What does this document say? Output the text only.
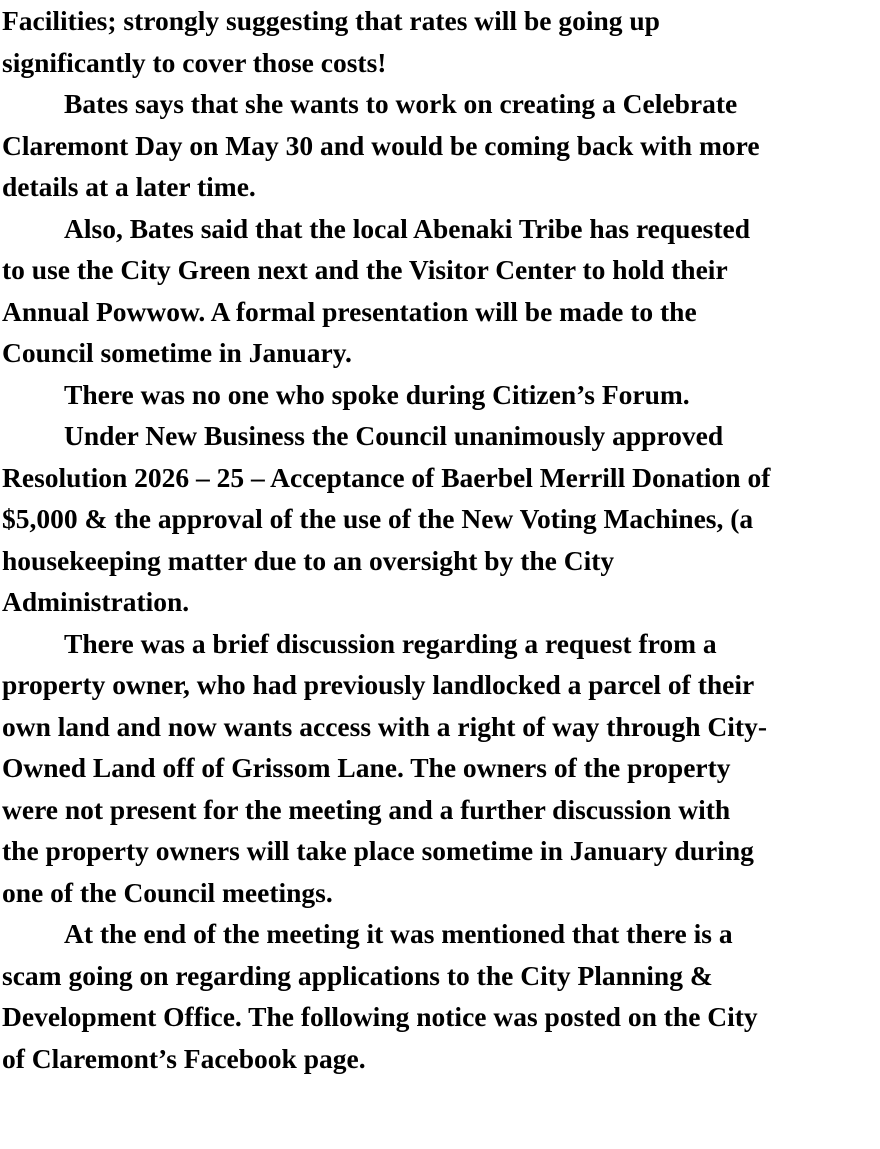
Facilities; strongly suggesting that rates will be going up
significantly to cover those costs!

Bates says that she wants to work on creating a Celebrate
Claremont Day on May 30 and would be coming back with more
details at a later time.

Also, Bates said that the local Abenaki Tribe has requested
to use the City Green next and the Visitor Center to hold their
Annual Powwow. A formal presentation will be made to the
Council sometime in January.

There was no one who spoke during Citizen’s Forum.

Under New Business the Council unanimously approved
Resolution 2026 – 25 – Acceptance of Baerbel Merrill Donation of
$5,000 & the approval of the use of the New Voting Machines, (a
housekeeping matter due to an oversight by the City
Administration.

There was a brief discussion regarding a request from a
property owner, who had previously landlocked a parcel of their
own land and now wants access with a right of way through City-
Owned Land off of Grissom Lane. The owners of the property
were not present for the meeting and a further discussion with
the property owners will take place sometime in January during
one of the Council meetings.

At the end of the meeting it was mentioned that there is a
scam going on regarding applications to the City Planning &
Development Office. The following notice was posted on the City
of Claremont’s Facebook page.
